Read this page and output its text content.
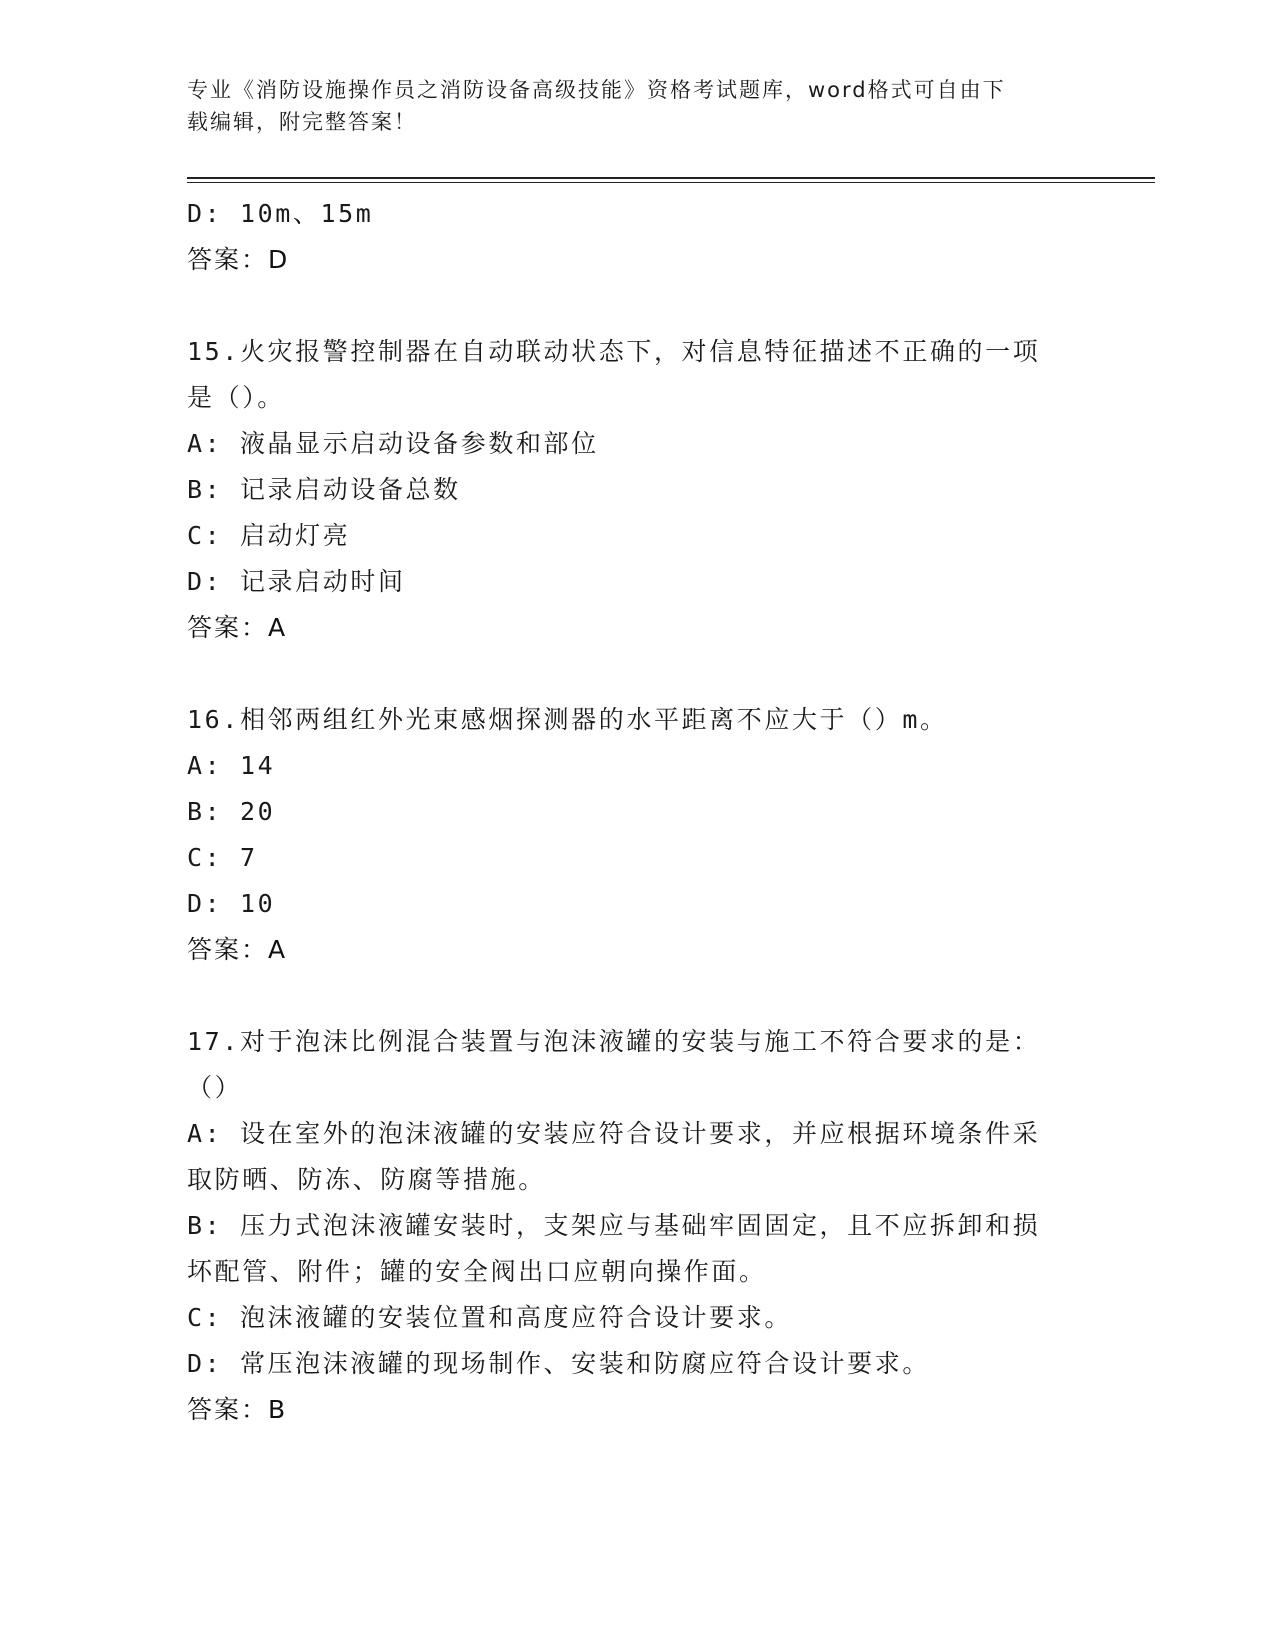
专业《消防设施操作员之消防设备高级技能》资格考试题库，word格式可自由下
载编辑，附完整答案！
D: 10m、15m
答案：D
15.火灾报警控制器在自动联动状态下，对信息特征描述不正确的一项
是（）。
A: 液晶显示启动设备参数和部位
B: 记录启动设备总数
C: 启动灯亮
D: 记录启动时间
答案：A
16.相邻两组红外光束感烟探测器的水平距离不应大于（）m。
A: 14
B: 20
C: 7
D: 10
答案：A
17.对于泡沫比例混合装置与泡沫液罐的安装与施工不符合要求的是：
（）
A: 设在室外的泡沫液罐的安装应符合设计要求，并应根据环境条件采
取防晒、防冻、防腐等措施。
B: 压力式泡沫液罐安装时，支架应与基础牢固固定，且不应拆卸和损
坏配管、附件；罐的安全阀出口应朝向操作面。
C: 泡沫液罐的安装位置和高度应符合设计要求。
D: 常压泡沫液罐的现场制作、安装和防腐应符合设计要求。
答案：B
